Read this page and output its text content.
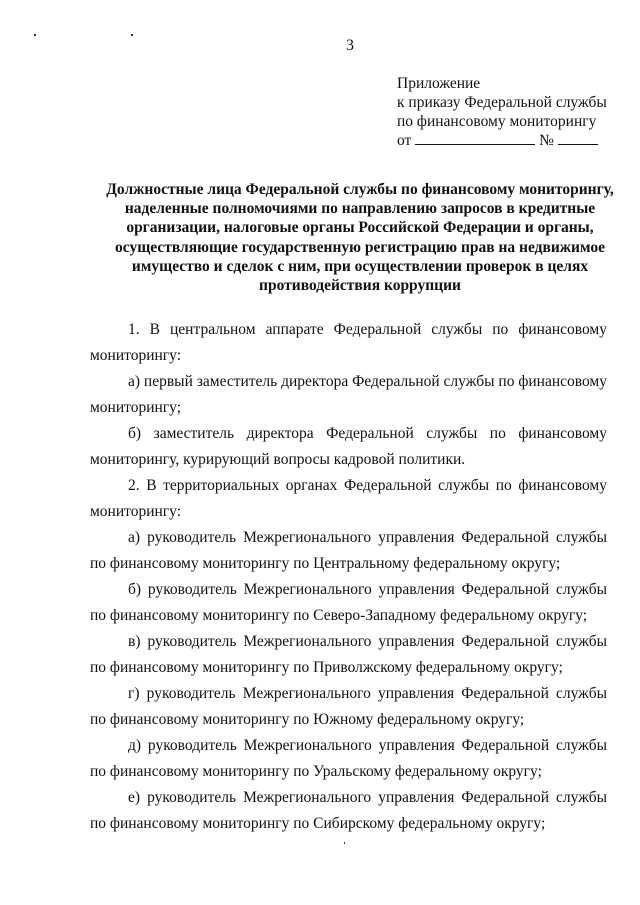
3
Приложение
к приказу Федеральной службы
по финансовому мониторингу
от	№
Должностные лица Федеральной службы по финансовому мониторингу,
наделенные полномочиями по направлению запросов в кредитные
организации, налоговые органы Российской Федерации и органы,
осуществляющие государственную регистрацию прав на недвижимое
имущество и сделок с ним, при осуществлении проверок в целях
противодействия коррупции

1. В центральном аппарате Федеральной службы по финансовому мониторингу:

а) первый заместитель директора Федеральной службы по финансовому мониторингу;

б) заместитель директора Федеральной службы по финансовому мониторингу, курирующий вопросы кадровой политики.

2. В территориальных органах Федеральной службы по финансовому мониторингу:

а) руководитель Межрегионального управления Федеральной службы по финансовому мониторингу по Центральному федеральному округу;

б) руководитель Межрегионального управления Федеральной службы по финансовому мониторингу по Северо-Западному федеральному округу;

в) руководитель Межрегионального управления Федеральной службы по финансовому мониторингу по Приволжскому федеральному округу;

г) руководитель Межрегионального управления Федеральной службы по финансовому мониторингу по Южному федеральному округу;

д) руководитель Межрегионального управления Федеральной службы по финансовому мониторингу по Уральскому федеральному округу;

е) руководитель Межрегионального управления Федеральной службы по финансовому мониторингу по Сибирскому федеральному округу;
